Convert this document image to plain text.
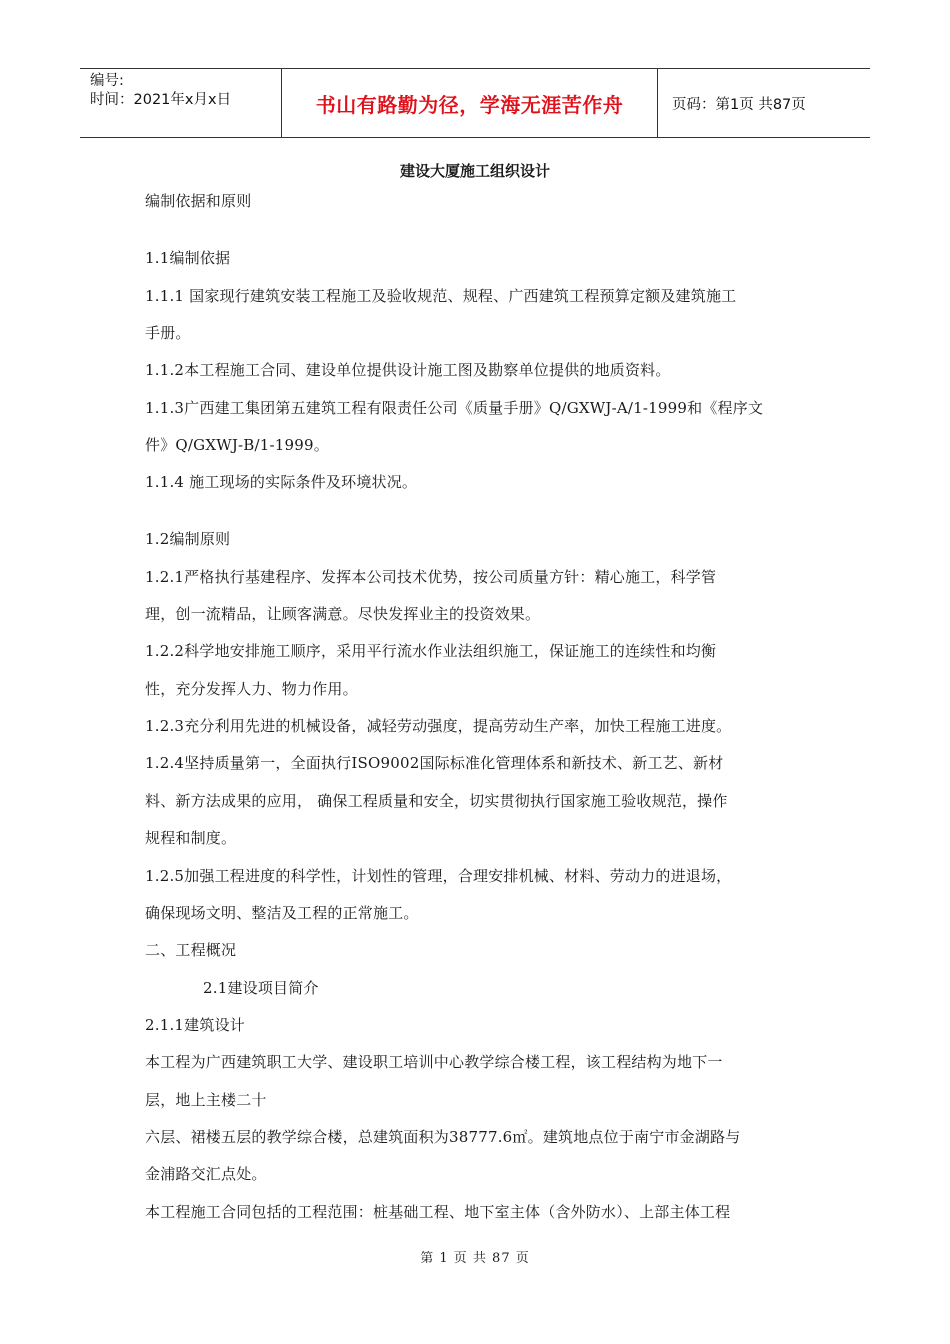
编号:
时间：2021年x月x日	书山有路勤为径，学海无涯苦作舟	页码：第1页 共87页
建设大厦施工组织设计
编制依据和原则
1.1编制依据
1.1.1 国家现行建筑安装工程施工及验收规范、规程、广西建筑工程预算定额及建筑施工
手册。
1.1.2本工程施工合同、建设单位提供设计施工图及勘察单位提供的地质资料。
1.1.3广西建工集团第五建筑工程有限责任公司《质量手册》Q/GXWJ-A/1-1999和《程序文
件》Q/GXWJ-B/1-1999。
1.1.4 施工现场的实际条件及环境状况。
1.2编制原则
1.2.1严格执行基建程序、发挥本公司技术优势，按公司质量方针：精心施工，科学管
理，创一流精品，让顾客满意。尽快发挥业主的投资效果。
1.2.2科学地安排施工顺序，采用平行流水作业法组织施工，保证施工的连续性和均衡
性，充分发挥人力、物力作用。
1.2.3充分利用先进的机械设备，减轻劳动强度，提高劳动生产率，加快工程施工进度。
1.2.4坚持质量第一，全面执行ISO9002国际标准化管理体系和新技术、新工艺、新材
料、新方法成果的应用， 确保工程质量和安全，切实贯彻执行国家施工验收规范，操作
规程和制度。
1.2.5加强工程进度的科学性，计划性的管理，合理安排机械、材料、劳动力的进退场，
确保现场文明、整洁及工程的正常施工。
二、工程概况
2.1建设项目简介
2.1.1建筑设计
本工程为广西建筑职工大学、建设职工培训中心教学综合楼工程，该工程结构为地下一
层，地上主楼二十
六层、裙楼五层的教学综合楼，总建筑面积为38777.6㎡。建筑地点位于南宁市金湖路与
金浦路交汇点处。
本工程施工合同包括的工程范围：桩基础工程、地下室主体（含外防水）、上部主体工程
第 1 页 共 87 页
